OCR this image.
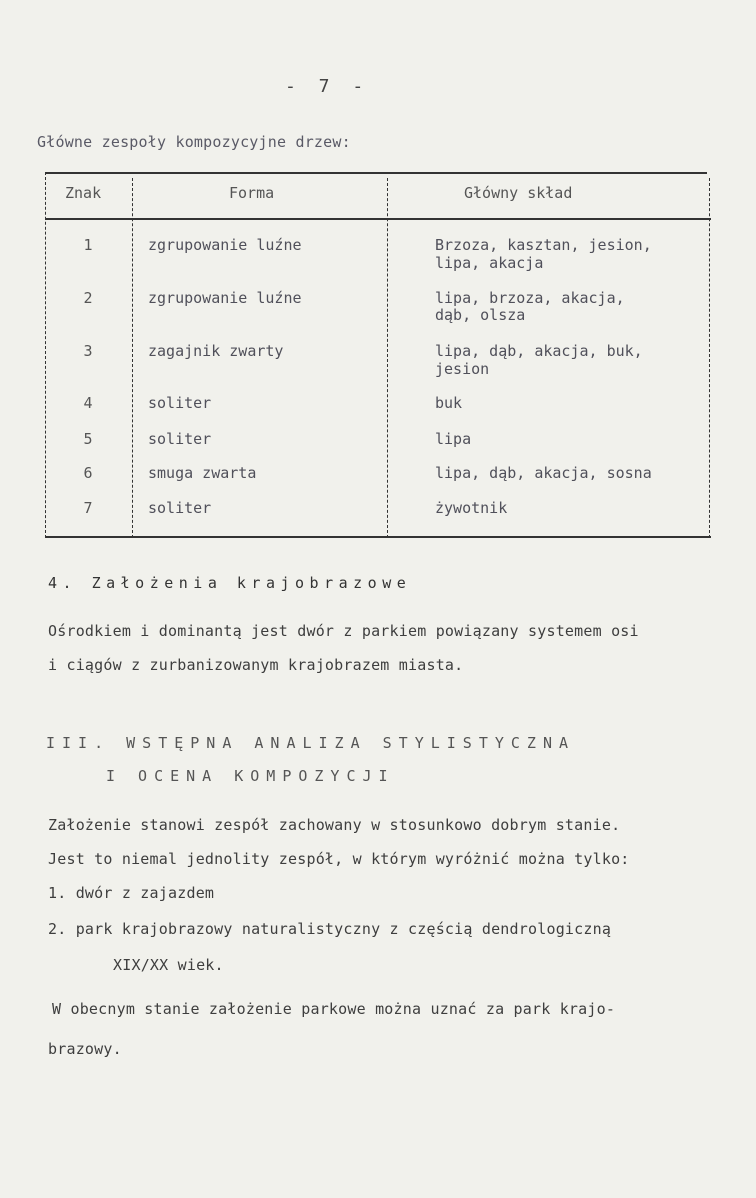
- 7 -
Główne zespoły kompozycyjne drzew:
Znak	Forma	Główny skład
1	zgrupowanie luźne	Brzoza, kasztan, jesion,
lipa, akacja
2	zgrupowanie luźne	lipa, brzoza, akacja,
dąb, olsza
3	zagajnik zwarty	lipa, dąb, akacja, buk,
jesion
4	soliter	buk
5	soliter	lipa
6	smuga zwarta	lipa, dąb, akacja, sosna
7	soliter	żywotnik
4. Założenia krajobrazowe
Ośrodkiem i dominantą jest dwór z parkiem powiązany systemem osi
i ciągów z zurbanizowanym krajobrazem miasta.
III. WSTĘPNA ANALIZA STYLISTYCZNA
I OCENA KOMPOZYCJI
Założenie stanowi zespół zachowany w stosunkowo dobrym stanie.
Jest to niemal jednolity zespół, w którym wyróżnić można tylko:
1. dwór z zajazdem
2. park krajobrazowy naturalistyczny z częścią dendrologiczną
XIX/XX wiek.
W obecnym stanie założenie parkowe można uznać za park krajo-
brazowy.
